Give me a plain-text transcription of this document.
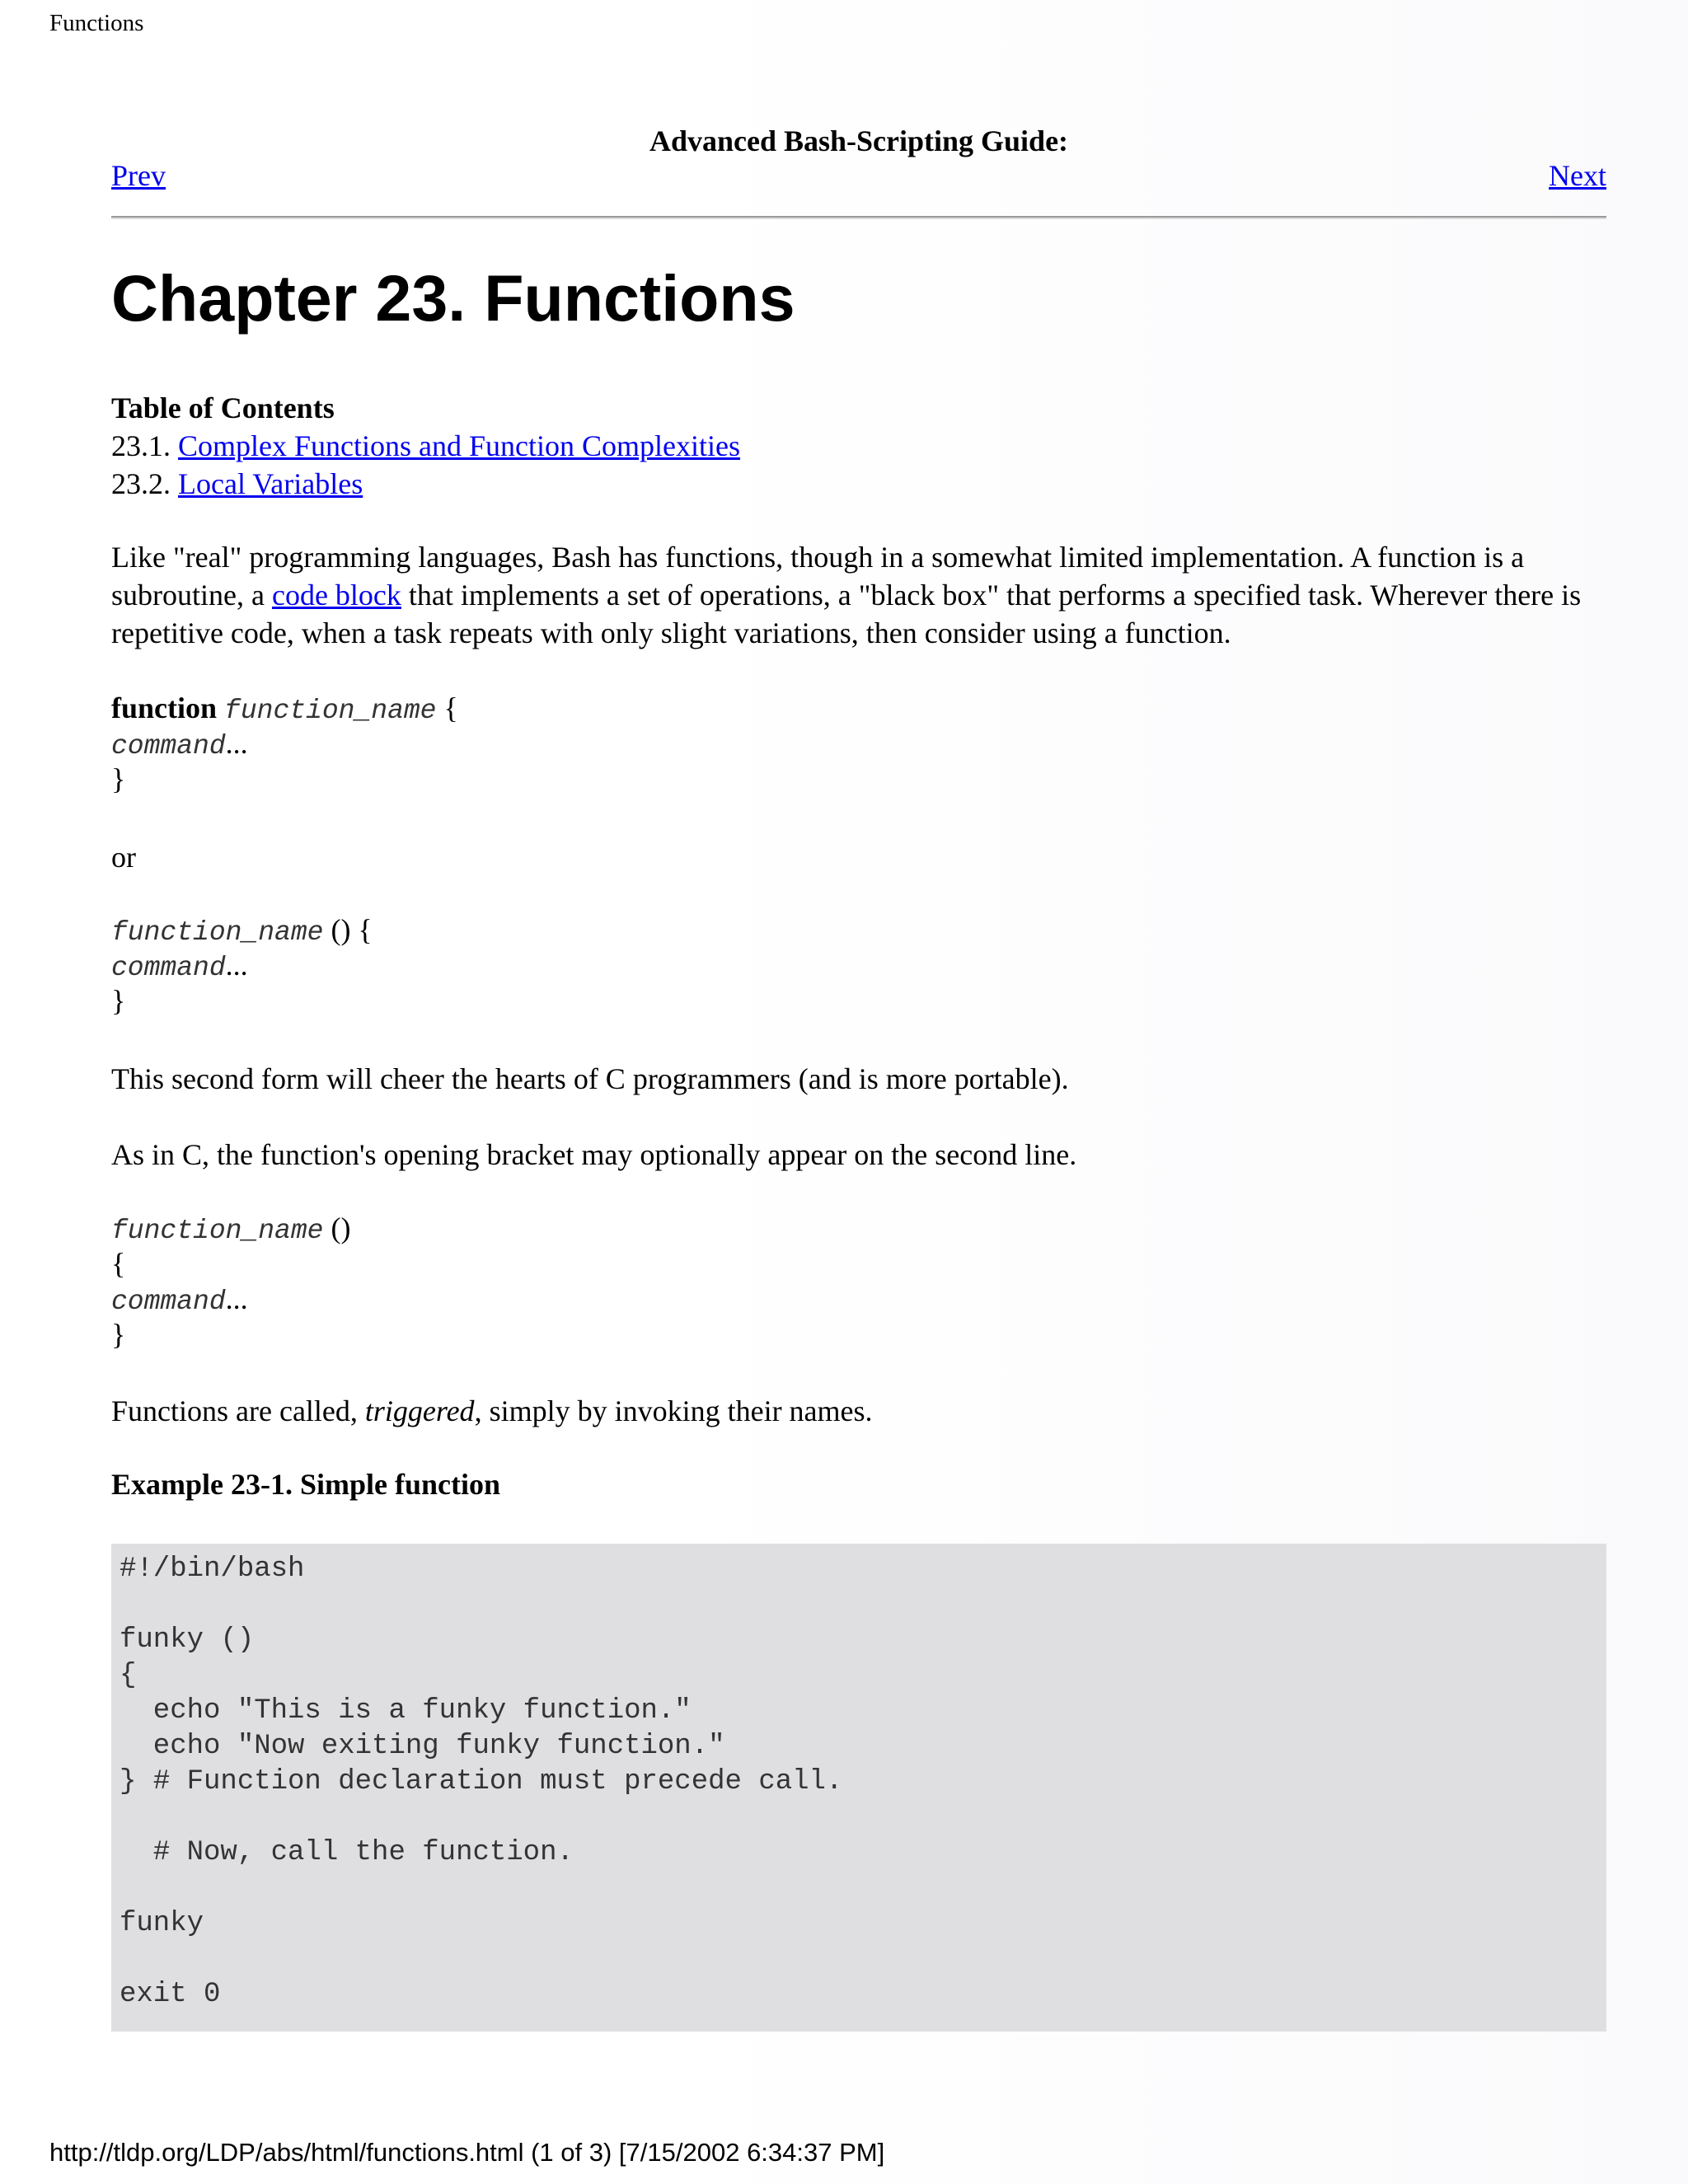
Functions
Advanced Bash-Scripting Guide:
Prev	Next
Chapter 23. Functions
Table of Contents
23.1. Complex Functions and Function Complexities
23.2. Local Variables

Like "real" programming languages, Bash has functions, though in a somewhat limited implementation. A function is a subroutine, a code block that implements a set of operations, a "black box" that performs a specified task. Wherever there is repetitive code, when a task repeats with only slight variations, then consider using a function.

function function_name {
command...
}

or

function_name () {
command...
}

This second form will cheer the hearts of C programmers (and is more portable).

As in C, the function's opening bracket may optionally appear on the second line.

function_name ()
{
command...
}

Functions are called, triggered, simply by invoking their names.

Example 23-1. Simple function
#!/bin/bash

funky ()
{
echo "This is a funky function."
echo "Now exiting funky function."
} # Function declaration must precede call.

# Now, call the function.

funky

exit 0
http://tldp.org/LDP/abs/html/functions.html (1 of 3) [7/15/2002 6:34:37 PM]
